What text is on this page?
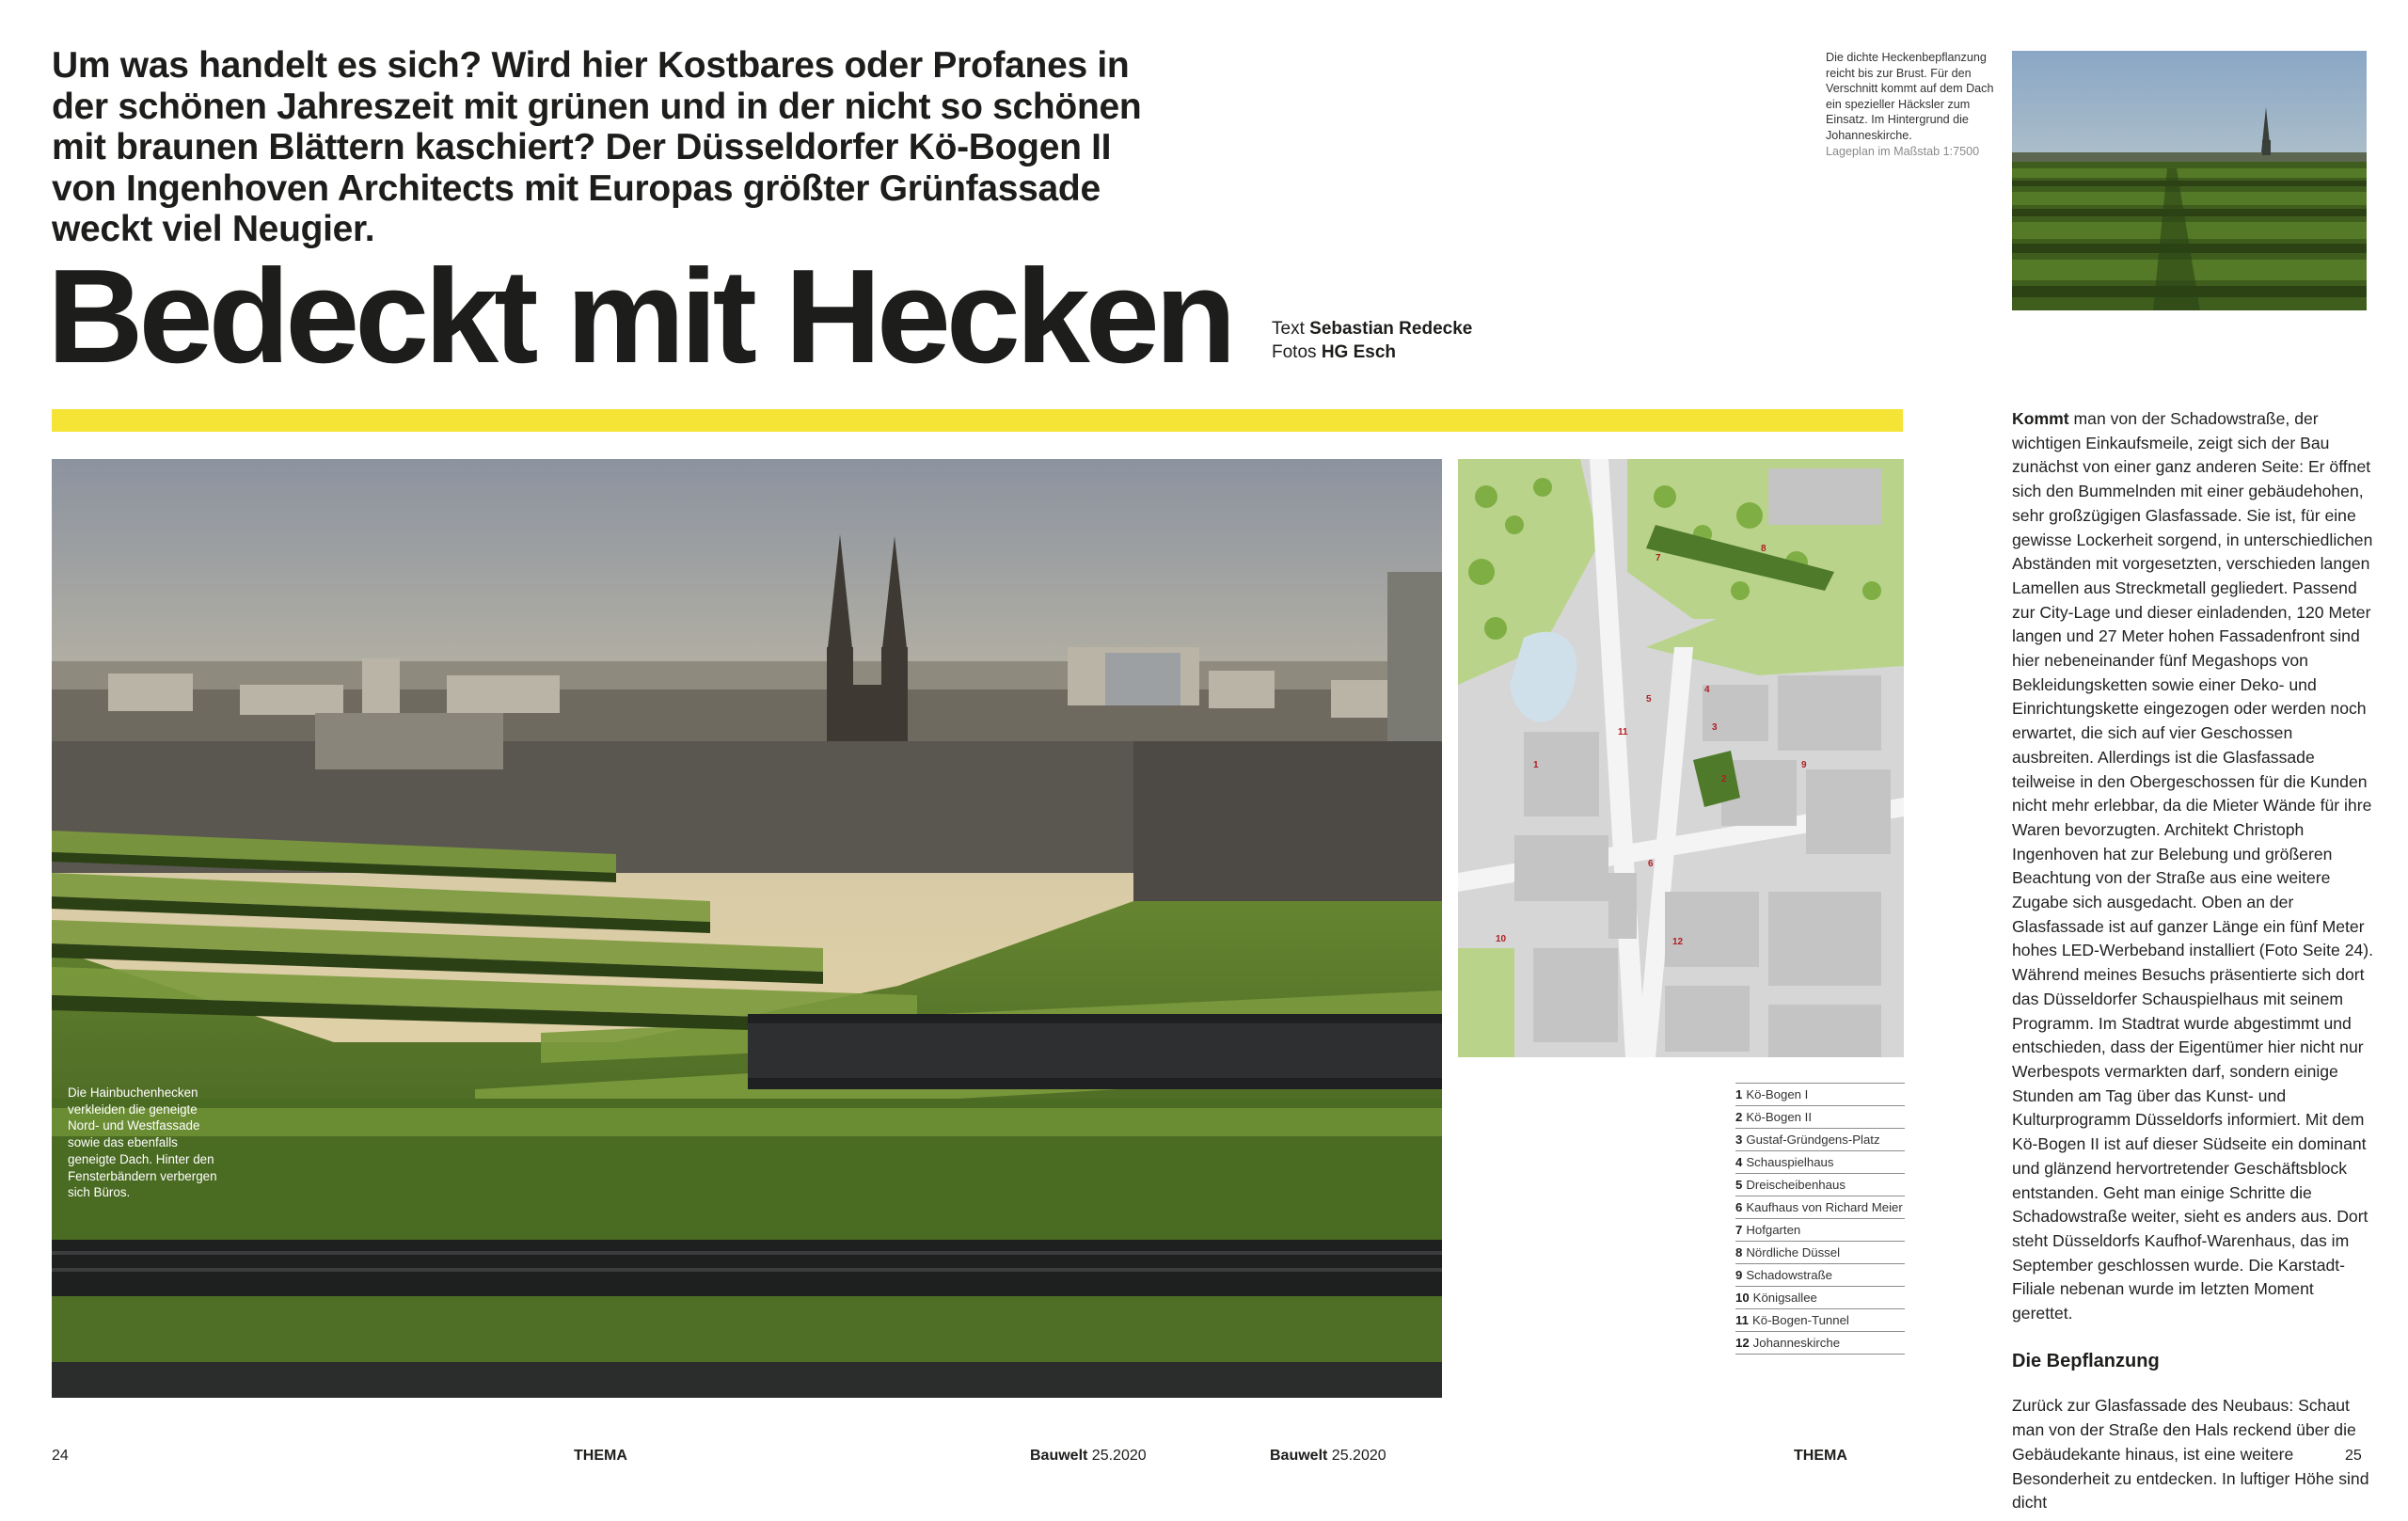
Um was handelt es sich? Wird hier Kostbares oder Profanes in der schönen Jahreszeit mit grünen und in der nicht so schönen mit braunen Blättern kaschiert? Der Düsseldorfer Kö-Bogen II von Ingenhoven Architects mit Europas größter Grünfassade weckt viel Neugier.
Bedeckt mit Hecken	Text Sebastian Redecke
Fotos HG Esch
Die dichte Heckenbepflanzung reicht bis zur Brust. Für den Verschnitt kommt auf dem Dach ein spezieller Häcksler zum Einsatz. Im Hintergrund die Johanneskirche.
Lageplan im Maßstab 1:7500
Die Hainbuchenhecken verkleiden die geneigte Nord- und Westfassade sowie das ebenfalls geneigte Dach. Hinter den Fensterbändern verbergen sich Büros.
1
2
3
4
5
6
7
8
9
10
11
12
1 Kö-Bogen I
2 Kö-Bogen II
3 Gustaf-Gründgens-Platz
4 Schauspielhaus
5 Dreischeibenhaus
6 Kaufhaus von Richard Meier
7 Hofgarten
8 Nördliche Düssel
9 Schadowstraße
10 Königsallee
11 Kö-Bogen-Tunnel
12 Johanneskirche
Kommt man von der Schadowstraße, der wichtigen Einkaufsmeile, zeigt sich der Bau zunächst von einer ganz anderen Seite: Er öffnet sich den Bummelnden mit einer gebäudehohen, sehr großzügigen Glasfassade. Sie ist, für eine gewisse Lockerheit sorgend, in unterschiedlichen Abständen mit vorgesetzten, verschieden langen Lamellen aus Streckmetall gegliedert. Passend zur City-Lage und dieser einladenden, 120 Meter langen und 27 Meter hohen Fassadenfront sind hier nebeneinander fünf Megashops von Bekleidungsketten sowie einer Deko- und Einrichtungskette eingezogen oder werden noch erwartet, die sich auf vier Geschossen ausbreiten. Allerdings ist die Glasfassade teilweise in den Obergeschossen für die Kunden nicht mehr erlebbar, da die Mieter Wände für ihre Waren bevorzugten. Architekt Christoph Ingenhoven hat zur Belebung und größeren Beachtung von der Straße aus eine weitere Zugabe sich ausgedacht. Oben an der Glasfassade ist auf ganzer Länge ein fünf Meter hohes LED-Werbeband installiert (Foto Seite 24). Während meines Besuchs präsentierte sich dort das Düsseldorfer Schauspielhaus mit seinem Programm. Im Stadtrat wurde abgestimmt und entschieden, dass der Eigentümer hier nicht nur Werbespots vermarkten darf, sondern einige Stunden am Tag über das Kunst- und Kulturprogramm Düsseldorfs informiert. Mit dem Kö-Bogen II ist auf dieser Südseite ein dominant und glänzend hervortretender Geschäftsblock entstanden. Geht man einige Schritte die Schadowstraße weiter, sieht es anders aus. Dort steht Düsseldorfs Kaufhof-Warenhaus, das im September geschlossen wurde. Die Karstadt-Filiale nebenan wurde im letzten Moment gerettet.
Die Bepflanzung
Zurück zur Glasfassade des Neubaus: Schaut man von der Straße den Hals reckend über die Gebäudekante hinaus, ist eine weitere Besonderheit zu entdecken. In luftiger Höhe sind dicht
24	THEMA	Bauwelt 25.2020	Bauwelt 25.2020	THEMA	25
